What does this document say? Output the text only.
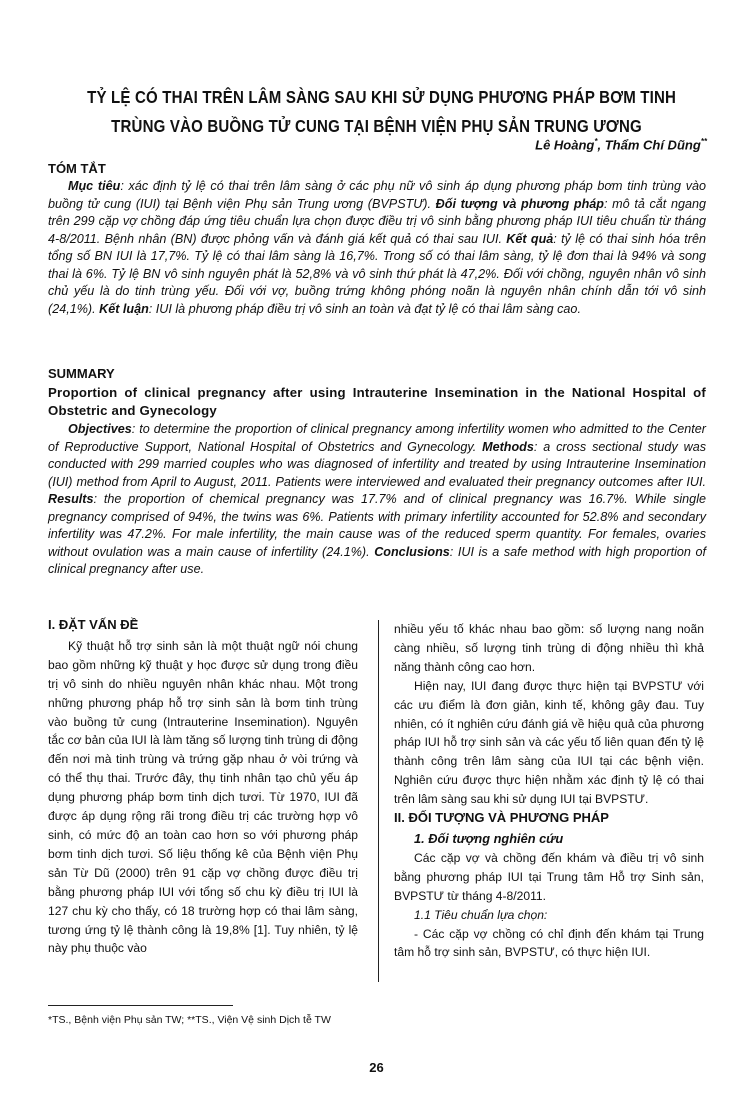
TỶ LỆ CÓ THAI TRÊN LÂM SÀNG SAU KHI SỬ DỤNG PHƯƠNG PHÁP BƠM TINH
TRÙNG VÀO BUỒNG TỬ CUNG TẠI BỆNH VIỆN PHỤ SẢN TRUNG ƯƠNG
Lê Hoàng*, Thẩm Chí Dũng**
TÓM TẮT

Mục tiêu: xác định tỷ lệ có thai trên lâm sàng ở các phụ nữ vô sinh áp dụng phương pháp bơm tinh trùng vào buồng tử cung (IUI) tại Bệnh viện Phụ sản Trung ương (BVPSTƯ). Đối tượng và phương pháp: mô tả cắt ngang trên 299 cặp vợ chồng đáp ứng tiêu chuẩn lựa chọn được điều trị vô sinh bằng phương pháp IUI tiêu chuẩn từ tháng 4-8/2011. Bệnh nhân (BN) được phỏng vấn và đánh giá kết quả có thai sau IUI. Kết quả: tỷ lệ có thai sinh hóa trên tổng số BN IUI là 17,7%. Tỷ lệ có thai lâm sàng là 16,7%. Trong số có thai lâm sàng, tỷ lệ đơn thai là 94% và song thai là 6%. Tỷ lệ BN vô sinh nguyên phát là 52,8% và vô sinh thứ phát là 47,2%. Đối với chồng, nguyên nhân vô sinh chủ yếu là do tinh trùng yếu. Đối với vợ, buồng trứng không phóng noãn là nguyên nhân chính dẫn tới vô sinh (24,1%). Kết luận: IUI là phương pháp điều trị vô sinh an toàn và đạt tỷ lệ có thai lâm sàng cao.

SUMMARY

Proportion of clinical pregnancy after using Intrauterine Insemination in the National Hospital of Obstetric and Gynecology

Objectives: to determine the proportion of clinical pregnancy among infertility women who admitted to the Center of Reproductive Support, National Hospital of Obstetrics and Gynecology. Methods: a cross sectional study was conducted with 299 married couples who was diagnosed of infertility and treated by using Intrauterine Insemination (IUI) method from April to August, 2011. Patients were interviewed and evaluated their pregnancy outcomes after IUI. Results: the proportion of chemical pregnancy was 17.7% and of clinical pregnancy was 16.7%. While single pregnancy comprised of 94%, the twins was 6%. Patients with primary infertility accounted for 52.8% and secondary infertility was 47.2%. For male infertility, the main cause was of the reduced sperm quantity. For females, ovaries without ovulation was a main cause of infertility (24.1%). Conclusions: IUI is a safe method with high proportion of clinical pregnancy after use.

I. ĐẶT VẤN ĐỀ

Kỹ thuật hỗ trợ sinh sản là một thuật ngữ nói chung bao gồm những kỹ thuật y học được sử dụng trong điều trị vô sinh do nhiều nguyên nhân khác nhau. Một trong những phương pháp hỗ trợ sinh sản là bơm tinh trùng vào buồng tử cung (Intrauterine Insemination). Nguyên tắc cơ bản của IUI là làm tăng số lượng tinh trùng di động đến nơi mà tinh trùng và trứng gặp nhau ở vòi trứng và có thể thụ thai. Trước đây, thụ tinh nhân tạo chủ yếu áp dụng phương pháp bơm tinh dịch tươi. Từ 1970, IUI đã được áp dụng rộng rãi trong điều trị các trường hợp vô sinh, có mức độ an toàn cao hơn so với phương pháp bơm tinh dịch tươi. Số liệu thống kê của Bệnh viện Phụ sản Từ Dũ (2000) trên 91 cặp vợ chồng được điều trị bằng phương pháp IUI với tổng số chu kỳ điều trị IUI là 127 chu kỳ cho thấy, có 18 trường hợp có thai lâm sàng, tương ứng tỷ lệ thành công là 19,8% [1]. Tuy nhiên, tỷ lệ này phụ thuộc vào

nhiều yếu tố khác nhau bao gồm: số lượng nang noãn càng nhiều, số lượng tinh trùng di động nhiều thì khả năng thành công cao hơn.

Hiện nay, IUI đang được thực hiện tại BVPSTƯ với các ưu điểm là đơn giản, kinh tế, không gây đau. Tuy nhiên, có ít nghiên cứu đánh giá về hiệu quả của phương pháp IUI hỗ trợ sinh sản và các yếu tố liên quan đến tỷ lệ thành công trên lâm sàng của IUI tại các bệnh viện. Nghiên cứu được thực hiện nhằm xác định tỷ lệ có thai trên lâm sàng sau khi sử dụng IUI tại BVPSTƯ.

II. ĐỐI TƯỢNG VÀ PHƯƠNG PHÁP
1. Đối tượng nghiên cứu

Các cặp vợ và chồng đến khám và điều trị vô sinh bằng phương pháp IUI tại Trung tâm Hỗ trợ Sinh sản, BVPSTƯ từ tháng 4-8/2011.

1.1 Tiêu chuẩn lựa chọn:

- Các cặp vợ chồng có chỉ định đến khám tại Trung tâm hỗ trợ sinh sản, BVPSTƯ, có thực hiện IUI.

*TS., Bệnh viện Phụ sản TW; **TS., Viện Vệ sinh Dịch tễ TW
26
